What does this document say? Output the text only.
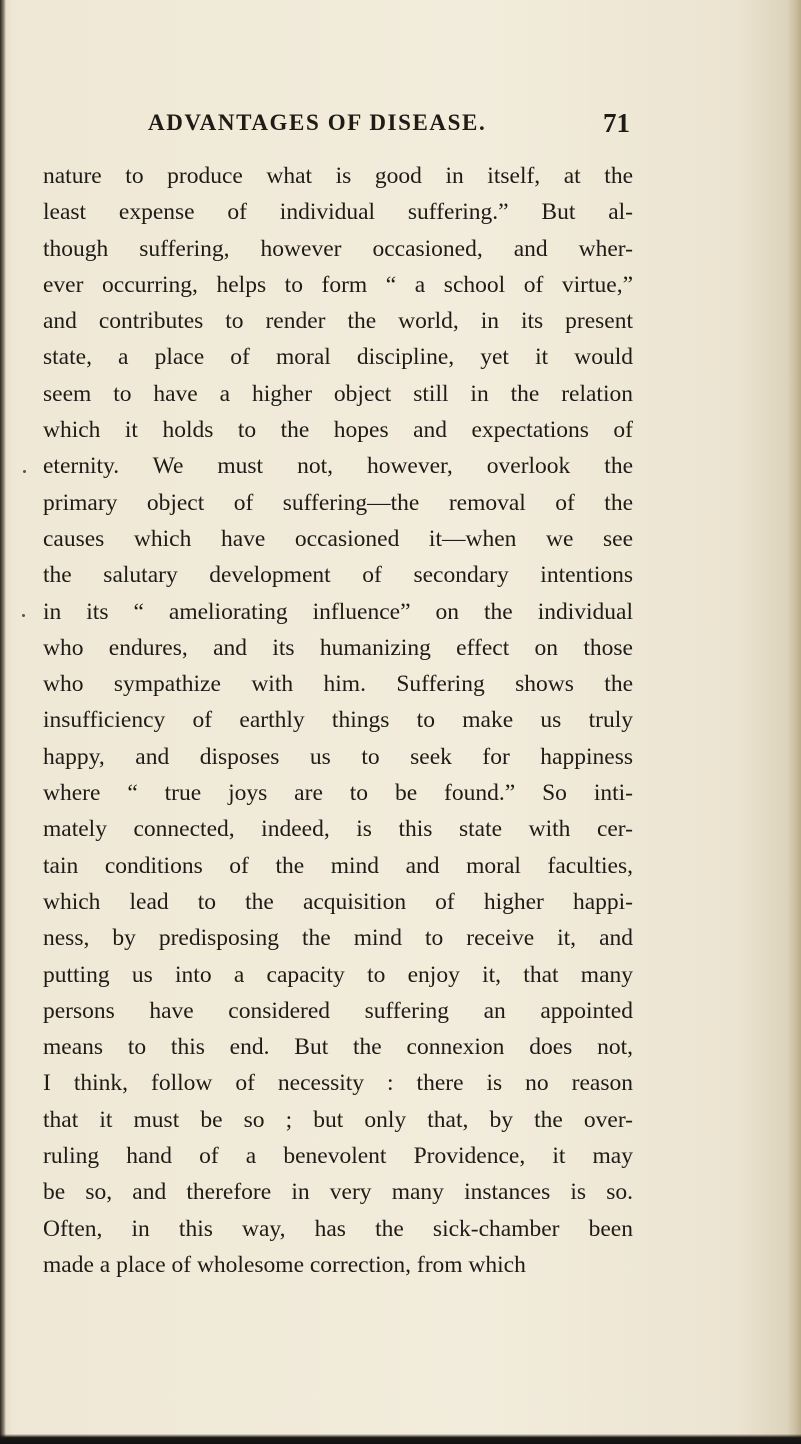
ADVANTAGES OF DISEASE.	71
nature to produce what is good in itself, at the
least expense of individual suffering.” But al-
though suffering, however occasioned, and wher-
ever occurring, helps to form “ a school of virtue,”
and contributes to render the world, in its present
state, a place of moral discipline, yet it would
seem to have a higher object still in the relation
which it holds to the hopes and expectations of
eternity. We must not, however, overlook the
primary object of suffering—the removal of the
causes which have occasioned it—when we see
the salutary development of secondary intentions
in its “ ameliorating influence” on the individual
who endures, and its humanizing effect on those
who sympathize with him. Suffering shows the
insufficiency of earthly things to make us truly
happy, and disposes us to seek for happiness
where “ true joys are to be found.” So inti-
mately connected, indeed, is this state with cer-
tain conditions of the mind and moral faculties,
which lead to the acquisition of higher happi-
ness, by predisposing the mind to receive it, and
putting us into a capacity to enjoy it, that many
persons have considered suffering an appointed
means to this end. But the connexion does not,
I think, follow of necessity : there is no reason
that it must be so ; but only that, by the over-
ruling hand of a benevolent Providence, it may
be so, and therefore in very many instances is so.
Often, in this way, has the sick-chamber been
made a place of wholesome correction, from which
